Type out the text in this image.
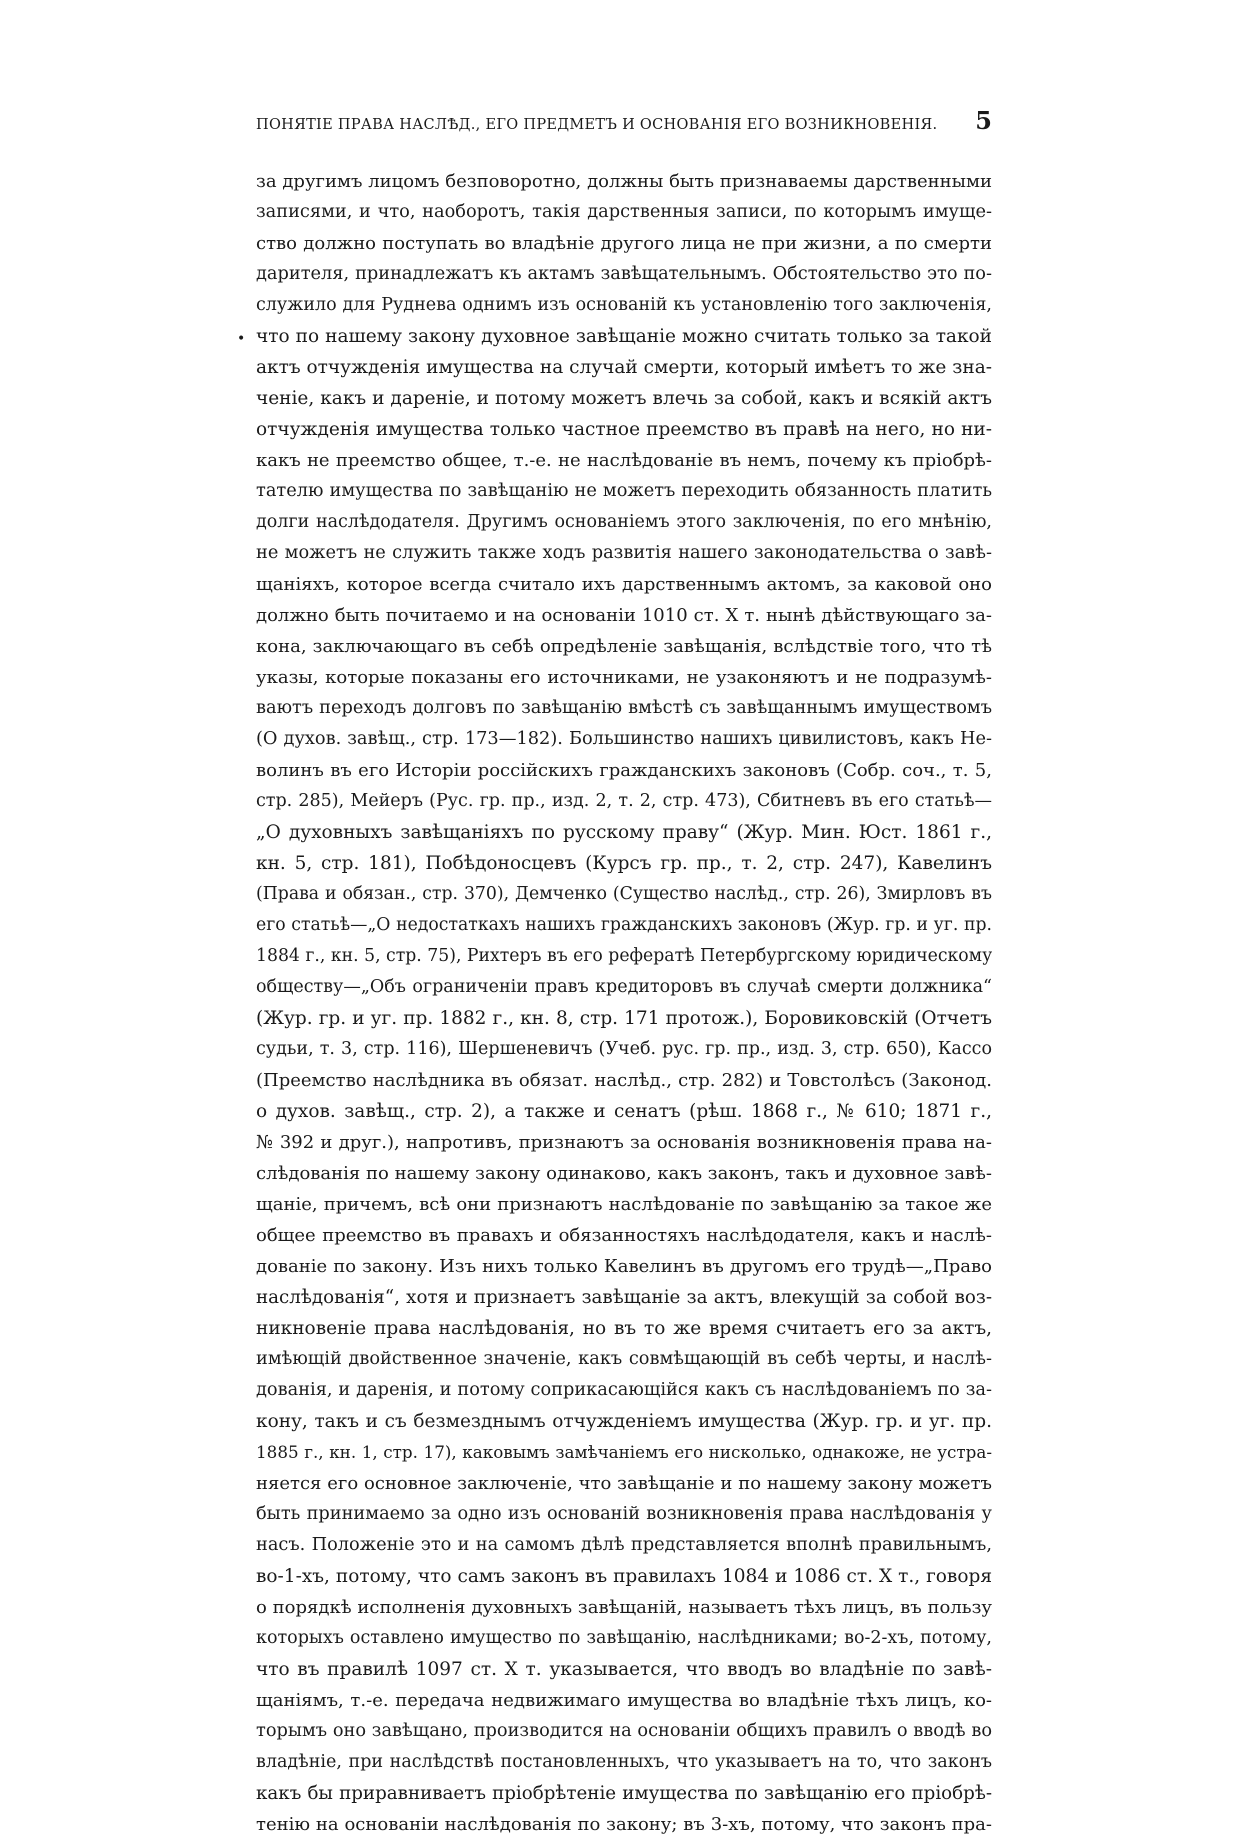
ПОНЯТІЕ ПРАВА НАСЛѢД., ЕГО ПРЕДМЕТЪ И ОСНОВАНІЯ ЕГО ВОЗНИКНОВЕНІЯ. 5
•
за другимъ лицомъ безповоротно, должны быть признаваемы дарственными
записями, и что, наоборотъ, такія дарственныя записи, по которымъ имуще-
ство должно поступать во владѣніе другого лица не при жизни, а по смерти
дарителя, принадлежатъ къ актамъ завѣщательнымъ. Обстоятельство это по-
служило для Руднева однимъ изъ основаній къ установленію того заключенія,
что по нашему закону духовное завѣщаніе можно считать только за такой
актъ отчужденія имущества на случай смерти, который имѣетъ то же зна-
ченіе, какъ и дареніе, и потому можетъ влечь за собой, какъ и всякій актъ
отчужденія имущества только частное преемство въ правѣ на него, но ни-
какъ не преемство общее, т.-е. не наслѣдованіе въ немъ, почему къ пріобрѣ-
тателю имущества по завѣщанію не можетъ переходить обязанность платить
долги наслѣдодателя. Другимъ основаніемъ этого заключенія, по его мнѣнію,
не можетъ не служить также ходъ развитія нашего законодательства о завѣ-
щаніяхъ, которое всегда считало ихъ дарственнымъ актомъ, за каковой оно
должно быть почитаемо и на основаніи 1010 ст. X т. нынѣ дѣйствующаго за-
кона, заключающаго въ себѣ опредѣленіе завѣщанія, вслѣдствіе того, что тѣ
указы, которые показаны его источниками, не узаконяютъ и не подразумѣ-
ваютъ переходъ долговъ по завѣщанію вмѣстѣ съ завѣщаннымъ имуществомъ
(О духов. завѣщ., стр. 173—182). Большинство нашихъ цивилистовъ, какъ Не-
волинъ въ его Исторіи россійскихъ гражданскихъ законовъ (Собр. соч., т. 5,
стр. 285), Мейеръ (Рус. гр. пр., изд. 2, т. 2, стр. 473), Сбитневъ въ его статьѣ—
„О духовныхъ завѣщаніяхъ по русскому праву“ (Жур. Мин. Юст. 1861 г.,
кн. 5, стр. 181), Побѣдоносцевъ (Курсъ гр. пр., т. 2, стр. 247), Кавелинъ
(Права и обязан., стр. 370), Демченко (Существо наслѣд., стр. 26), Змирловъ въ
его статьѣ—„О недостаткахъ нашихъ гражданскихъ законовъ (Жур. гр. и уг. пр.
1884 г., кн. 5, стр. 75), Рихтеръ въ его рефератѣ Петербургскому юридическому
обществу—„Объ ограниченіи правъ кредиторовъ въ случаѣ смерти должника“
(Жур. гр. и уг. пр. 1882 г., кн. 8, стр. 171 протож.), Боровиковскій (Отчетъ
судьи, т. 3, стр. 116), Шершеневичъ (Учеб. рус. гр. пр., изд. 3, стр. 650), Кассо
(Преемство наслѣдника въ обязат. наслѣд., стр. 282) и Товстолѣсъ (Законод.
о духов. завѣщ., стр. 2), а также и сенатъ (рѣш. 1868 г., № 610; 1871 г.,
№ 392 и друг.), напротивъ, признаютъ за основанія возникновенія права на-
слѣдованія по нашему закону одинаково, какъ законъ, такъ и духовное завѣ-
щаніе, причемъ, всѣ они признаютъ наслѣдованіе по завѣщанію за такое же
общее преемство въ правахъ и обязанностяхъ наслѣдодателя, какъ и наслѣ-
дованіе по закону. Изъ нихъ только Кавелинъ въ другомъ его трудѣ—„Право
наслѣдованія“, хотя и признаетъ завѣщаніе за актъ, влекущій за собой воз-
никновеніе права наслѣдованія, но въ то же время считаетъ его за актъ,
имѣющій двойственное значеніе, какъ совмѣщающій въ себѣ черты, и наслѣ-
дованія, и даренія, и потому соприкасающійся какъ съ наслѣдованіемъ по за-
кону, такъ и съ безмезднымъ отчужденіемъ имущества (Жур. гр. и уг. пр.
1885 г., кн. 1, стр. 17), каковымъ замѣчаніемъ его нисколько, однакоже, не устра-
няется его основное заключеніе, что завѣщаніе и по нашему закону можетъ
быть принимаемо за одно изъ основаній возникновенія права наслѣдованія у
насъ. Положеніе это и на самомъ дѣлѣ представляется вполнѣ правильнымъ,
во-1-хъ, потому, что самъ законъ въ правилахъ 1084 и 1086 ст. X т., говоря
о порядкѣ исполненія духовныхъ завѣщаній, называетъ тѣхъ лицъ, въ пользу
которыхъ оставлено имущество по завѣщанію, наслѣдниками; во-2-хъ, потому,
что въ правилѣ 1097 ст. X т. указывается, что вводъ во владѣніе по завѣ-
щаніямъ, т.-е. передача недвижимаго имущества во владѣніе тѣхъ лицъ, ко-
торымъ оно завѣщано, производится на основаніи общихъ правилъ о вводѣ во
владѣніе, при наслѣдствѣ постановленныхъ, что указываетъ на то, что законъ
какъ бы приравниваетъ пріобрѣтеніе имущества по завѣщанію его пріобрѣ-
тенію на основаніи наслѣдованія по закону; въ 3-хъ, потому, что законъ пра-
